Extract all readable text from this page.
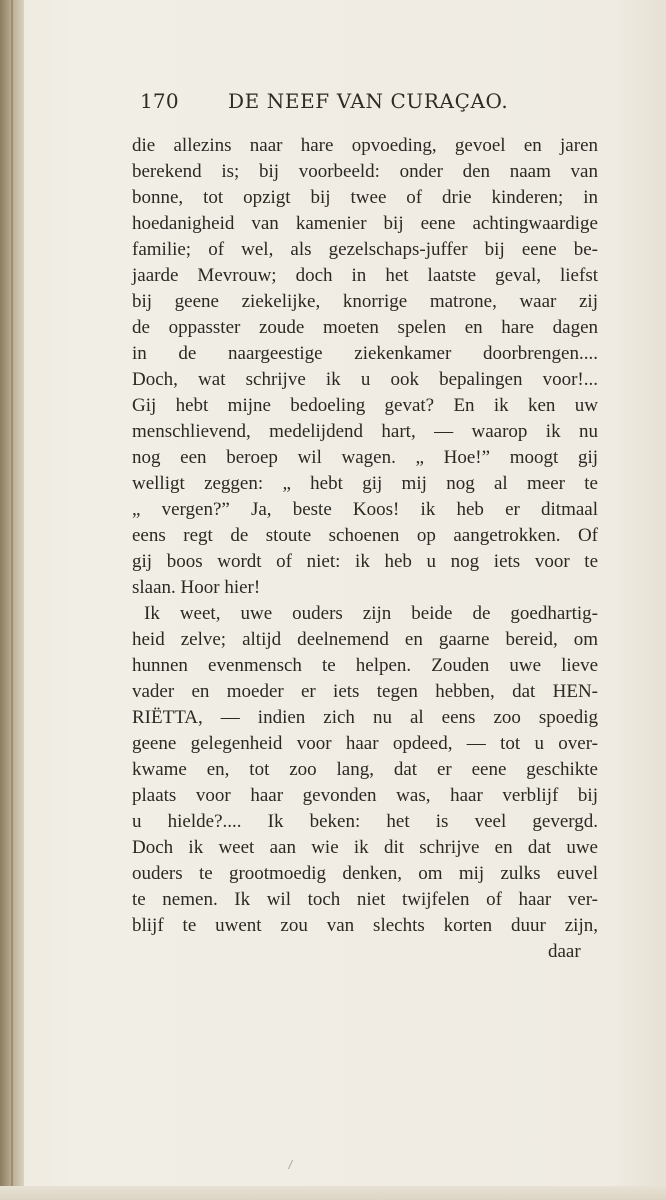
170 DE NEEF VAN CURAÇAO.

die allezins naar hare opvoeding, gevoel en jaren

berekend is; bij voorbeeld: onder den naam van

bonne, tot opzigt bij twee of drie kinderen; in

hoedanigheid van kamenier bij eene achtingwaardige

familie; of wel, als gezelschaps-juffer bij eene be-

jaarde Mevrouw; doch in het laatste geval, liefst

bij geene ziekelijke, knorrige matrone, waar zij

de oppasster zoude moeten spelen en hare dagen

in de naargeestige ziekenkamer doorbrengen....

Doch, wat schrijve ik u ook bepalingen voor!...

Gij hebt mijne bedoeling gevat? En ik ken uw

menschlievend, medelijdend hart, — waarop ik nu

nog een beroep wil wagen. „ Hoe!” moogt gij

welligt zeggen: „ hebt gij mij nog al meer te

„ vergen?” Ja, beste Koos! ik heb er ditmaal

eens regt de stoute schoenen op aangetrokken. Of

gij boos wordt of niet: ik heb u nog iets voor te

slaan. Hoor hier!

Ik weet, uwe ouders zijn beide de goedhartig-

heid zelve; altijd deelnemend en gaarne bereid, om

hunnen evenmensch te helpen. Zouden uwe lieve

vader en moeder er iets tegen hebben, dat HEN-

RIËTTA, — indien zich nu al eens zoo spoedig

geene gelegenheid voor haar opdeed, — tot u over-

kwame en, tot zoo lang, dat er eene geschikte

plaats voor haar gevonden was, haar verblijf bij

u hielde?.... Ik beken: het is veel gevergd.

Doch ik weet aan wie ik dit schrijve en dat uwe

ouders te grootmoedig denken, om mij zulks euvel

te nemen. Ik wil toch niet twijfelen of haar ver-

blijf te uwent zou van slechts korten duur zijn,

daar
